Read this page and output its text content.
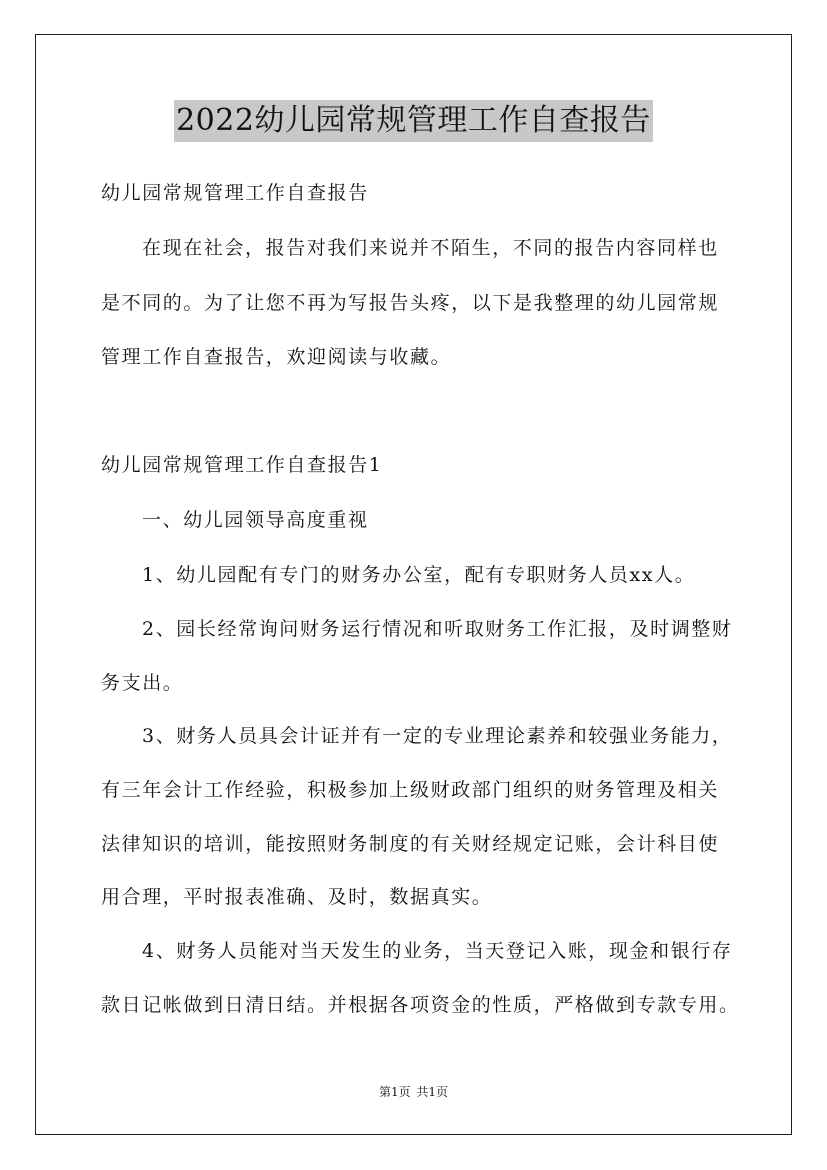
2022幼儿园常规管理工作自查报告
幼儿园常规管理工作自查报告
在现在社会，报告对我们来说并不陌生，不同的报告内容同样也
是不同的。为了让您不再为写报告头疼，以下是我整理的幼儿园常规
管理工作自查报告，欢迎阅读与收藏。
幼儿园常规管理工作自查报告1
一、幼儿园领导高度重视
1、幼儿园配有专门的财务办公室，配有专职财务人员xx人。
2、园长经常询问财务运行情况和听取财务工作汇报，及时调整财
务支出。
3、财务人员具会计证并有一定的专业理论素养和较强业务能力，
有三年会计工作经验，积极参加上级财政部门组织的财务管理及相关
法律知识的培训，能按照财务制度的有关财经规定记账，会计科目使
用合理，平时报表准确、及时，数据真实。
4、财务人员能对当天发生的业务，当天登记入账，现金和银行存
款日记帐做到日清日结。并根据各项资金的性质，严格做到专款专用。
第1页 共1页
